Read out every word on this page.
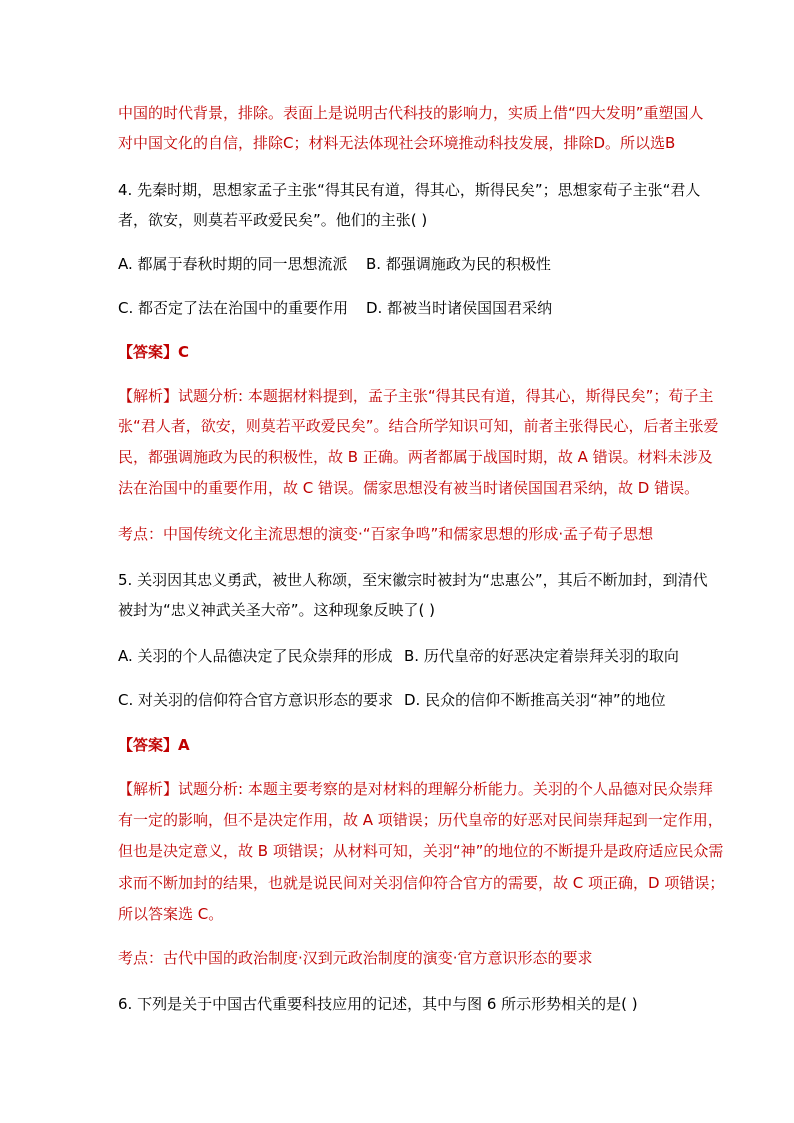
中国的时代背景，排除。表面上是说明古代科技的影响力，实质上借“四大发明”重塑国人
对中国文化的自信，排除C；材料无法体现社会环境推动科技发展，排除D。所以选B
4. 先秦时期，思想家孟子主张“得其民有道，得其心，斯得民矣”；思想家荀子主张“君人
者，欲安，则莫若平政爱民矣”。他们的主张( )
A. 都属于春秋时期的同一思想流派 B. 都强调施政为民的积极性
C. 都否定了法在治国中的重要作用 D. 都被当时诸侯国国君采纳
【答案】C
【解析】试题分析: 本题据材料提到，孟子主张“得其民有道，得其心，斯得民矣”；荀子主
张“君人者，欲安，则莫若平政爱民矣”。结合所学知识可知，前者主张得民心，后者主张爱
民，都强调施政为民的积极性，故 B 正确。两者都属于战国时期，故 A 错误。材料未涉及
法在治国中的重要作用，故 C 错误。儒家思想没有被当时诸侯国国君采纳，故 D 错误。
考点：中国传统文化主流思想的演变·“百家争鸣”和儒家思想的形成·孟子荀子思想
5. 关羽因其忠义勇武，被世人称颂，至宋徽宗时被封为“忠惠公”，其后不断加封，到清代
被封为“忠义神武关圣大帝”。这种现象反映了( )
A. 关羽的个人品德决定了民众崇拜的形成 B. 历代皇帝的好恶决定着崇拜关羽的取向
C. 对关羽的信仰符合官方意识形态的要求 D. 民众的信仰不断推高关羽“神”的地位
【答案】A
【解析】试题分析: 本题主要考察的是对材料的理解分析能力。关羽的个人品德对民众崇拜
有一定的影响，但不是决定作用，故 A 项错误；历代皇帝的好恶对民间崇拜起到一定作用，
但也是决定意义，故 B 项错误；从材料可知，关羽“神”的地位的不断提升是政府适应民众需
求而不断加封的结果，也就是说民间对关羽信仰符合官方的需要，故 C 项正确，D 项错误；
所以答案选 C。
考点：古代中国的政治制度·汉到元政治制度的演变·官方意识形态的要求
6. 下列是关于中国古代重要科技应用的记述，其中与图 6 所示形势相关的是( )
